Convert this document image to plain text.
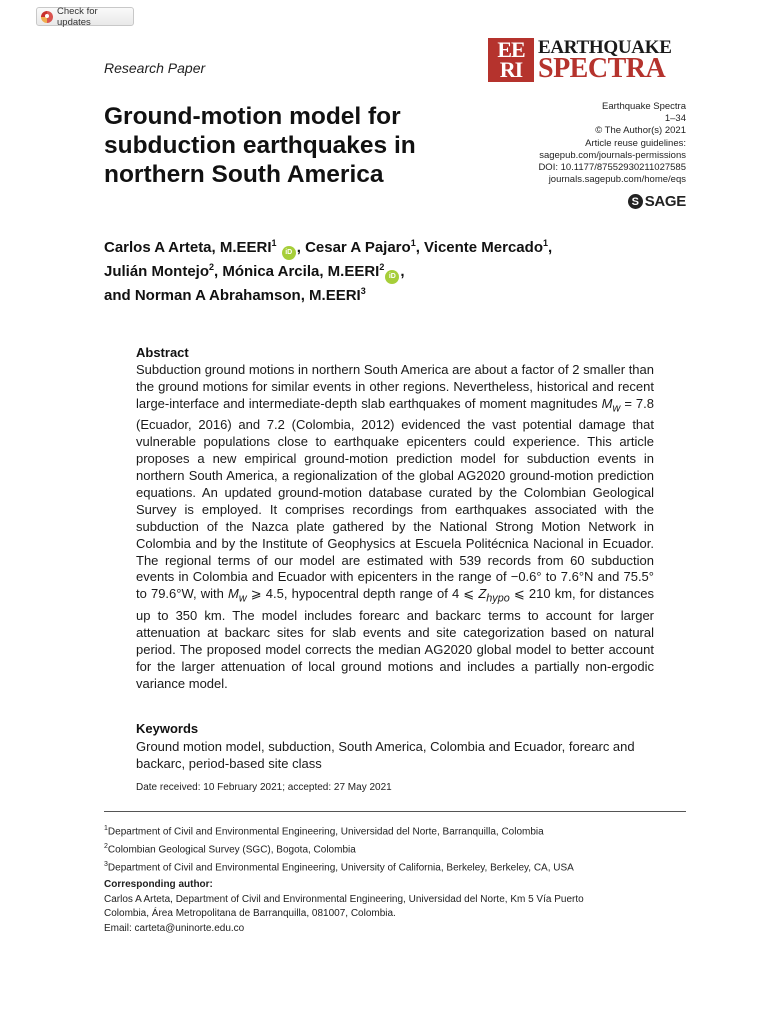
Check for updates
Research Paper
EE RI
EARTHQUAKE
SPECTRA
Ground-motion model for subduction earthquakes in northern South America
Earthquake Spectra
1–34
© The Author(s) 2021
Article reuse guidelines:
sagepub.com/journals-permissions
DOI: 10.1177/87552930211027585
journals.sagepub.com/home/eqs
S SAGE

Carlos A Arteta, M.EERI$^1$ iD , Cesar A Pajaro$^1$, Vicente Mercado$^1$, Julián Montejo$^2$, Mónica Arcila, M.EERI$^2$iD ,
and Norman A Abrahamson, M.EERI$^3$

Abstract

Subduction ground motions in northern South America are about a factor of 2 smaller than the ground motions for similar events in other regions. Nevertheless, historical and recent large-interface and intermediate-depth slab earthquakes of moment magnitudes $M_w = 7.8$ (Ecuador, 2016) and 7.2 (Colombia, 2012) evidenced the vast potential damage that vulnerable populations close to earthquake epicenters could experience. This article proposes a new empirical ground-motion prediction model for subduction events in northern South America, a regionalization of the global AG2020 ground-motion prediction equations. An updated ground-motion database curated by the Colombian Geological Survey is employed. It comprises recordings from earthquakes associated with the subduction of the Nazca plate gathered by the National Strong Motion Network in Colombia and by the Institute of Geophysics at Escuela Politécnica Nacional in Ecuador. The regional terms of our model are estimated with 539 records from 60 subduction events in Colombia and Ecuador with epicenters in the range of −0.6° to 7.6°N and 75.5° to 79.6°W, with $M_w$ ⩾ 4.5, hypocentral depth range of 4 ⩽ $Z_{hypo}$ ⩽ 210 km, for distances up to 350 km. The model includes forearc and backarc terms to account for larger attenuation at backarc sites for slab events and site categorization based on natural period. The proposed model corrects the median AG2020 global model to better account for the larger attenuation of local ground motions and includes a partially non-ergodic variance model.

Keywords

Ground motion model, subduction, South America, Colombia and Ecuador, forearc and backarc, period-based site class

Date received: 10 February 2021; accepted: 27 May 2021
$^1$Department of Civil and Environmental Engineering, Universidad del Norte, Barranquilla, Colombia
$^2$Colombian Geological Survey (SGC), Bogota, Colombia
$^3$Department of Civil and Environmental Engineering, University of California, Berkeley, Berkeley, CA, USA
Corresponding author:
Carlos A Arteta, Department of Civil and Environmental Engineering, Universidad del Norte, Km 5 Vía Puerto
Colombia, Área Metropolitana de Barranquilla, 081007, Colombia.
Email: carteta@uninorte.edu.co
